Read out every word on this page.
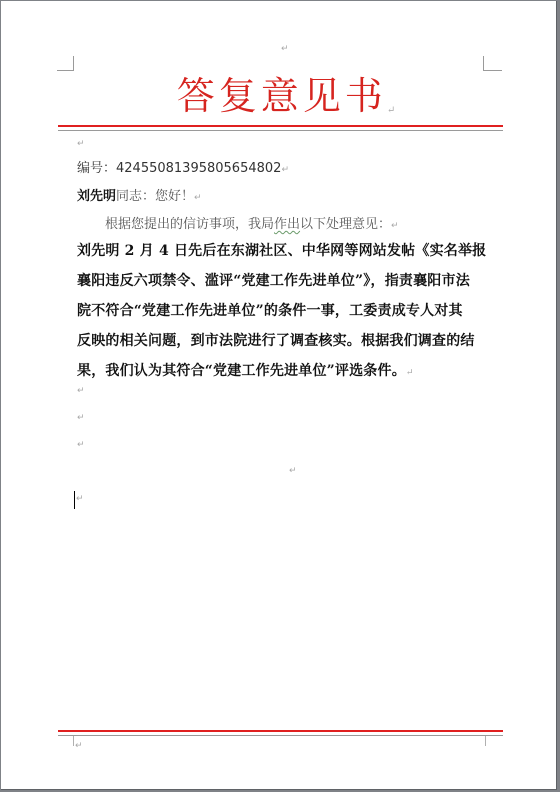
↵
答复意见书↵
↵
编号：424550813958056548​02↵
刘先明同志：您好！↵
根据您提出的信访事项，我局作出以下处理意见：↵
刘先明 2 月 4 日先后在东湖社区、中华网等网站发帖《实名举报
襄阳违反六项禁令、滥评“党建工作先进单位”》，指责襄阳市法
院不符合“党建工作先进单位”的条件一事，工委责成专人对其
反映的相关问题，到市法院进行了调查核实。根据我们调查的结
果，我们认为其符合“党建工作先进单位”评选条件。↵
↵
↵
↵
↵
↵
↵
